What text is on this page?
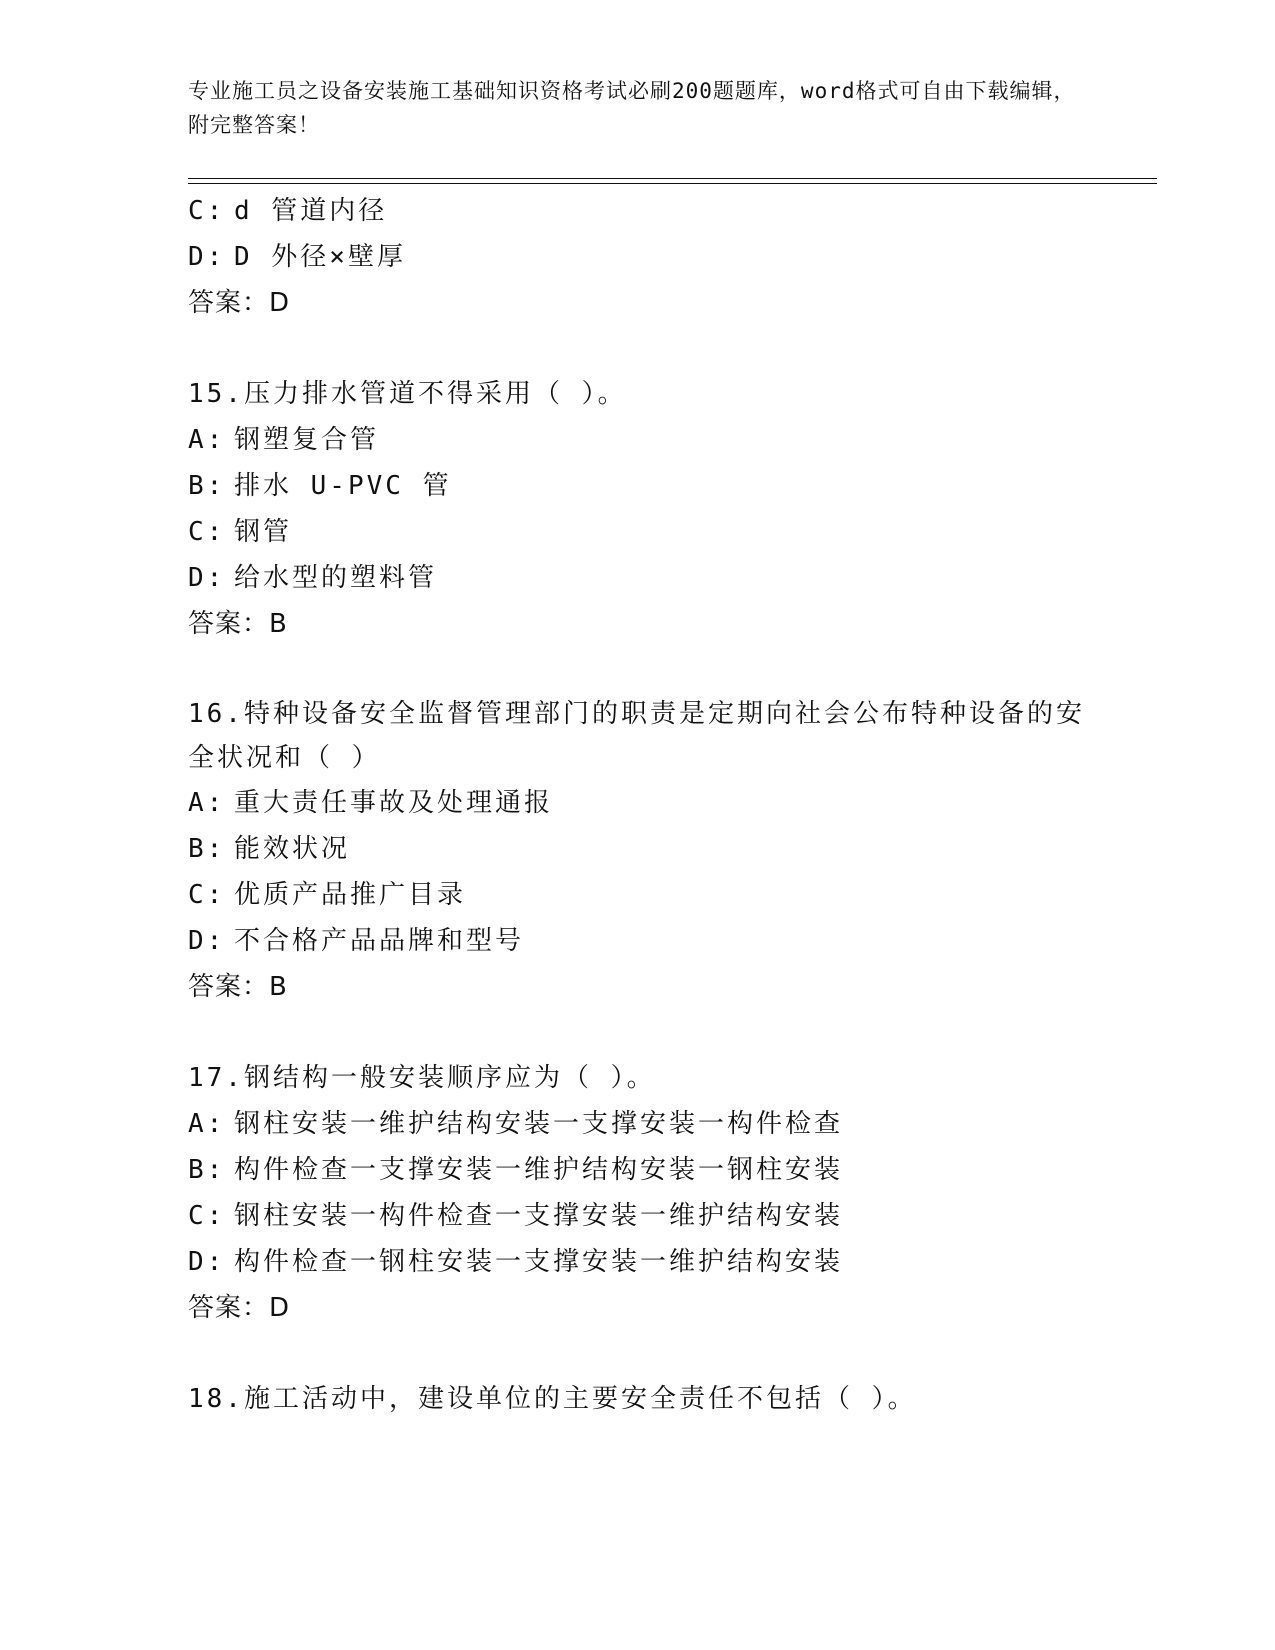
专业施工员之设备安装施工基础知识资格考试必刷200题题库，word格式可自由下载编辑，附完整答案！
C: d 管道内径
D: D 外径×壁厚
答案：D
15.压力排水管道不得采用（ ）。
A: 钢塑复合管
B: 排水 U-PVC 管
C: 钢管
D: 给水型的塑料管
答案：B
16.特种设备安全监督管理部门的职责是定期向社会公布特种设备的安全状况和（ ）
A: 重大责任事故及处理通报
B: 能效状况
C: 优质产品推广目录
D: 不合格产品品牌和型号
答案：B
17.钢结构一般安装顺序应为（ ）。
A: 钢柱安装一维护结构安装一支撑安装一构件检查
B: 构件检查一支撑安装一维护结构安装一钢柱安装
C: 钢柱安装一构件检查一支撑安装一维护结构安装
D: 构件检查一钢柱安装一支撑安装一维护结构安装
答案：D
18.施工活动中，建设单位的主要安全责任不包括（ ）。
